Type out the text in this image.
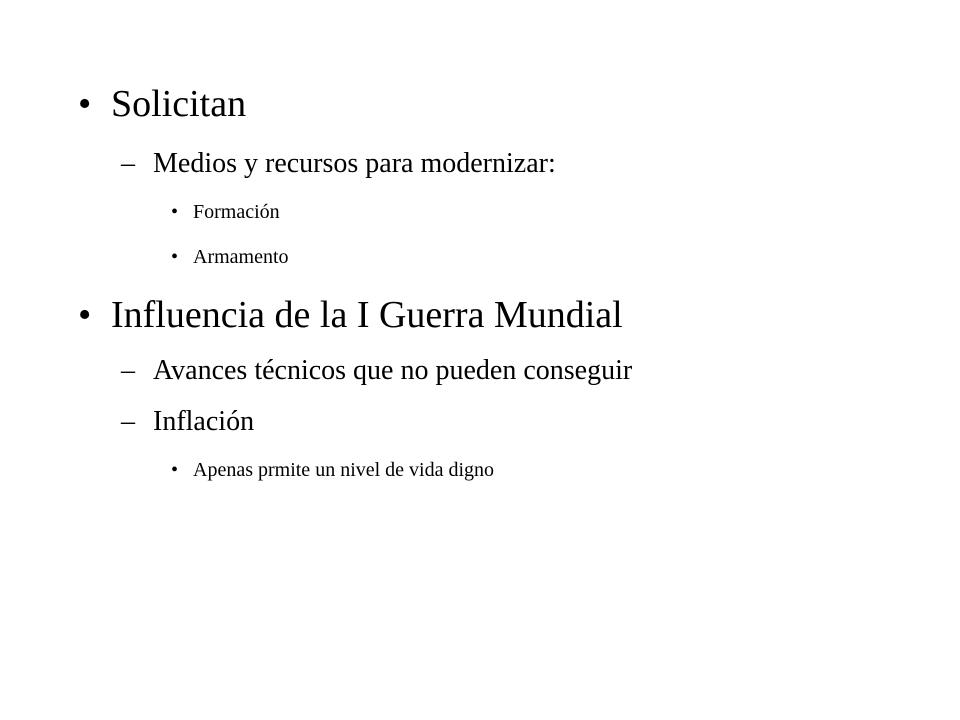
• Solicitan
– Medios y recursos para modernizar:
• Formación
• Armamento
• Influencia de la I Guerra Mundial
– Avances técnicos que no pueden conseguir
– Inflación
• Apenas prmite un nivel de vida digno
